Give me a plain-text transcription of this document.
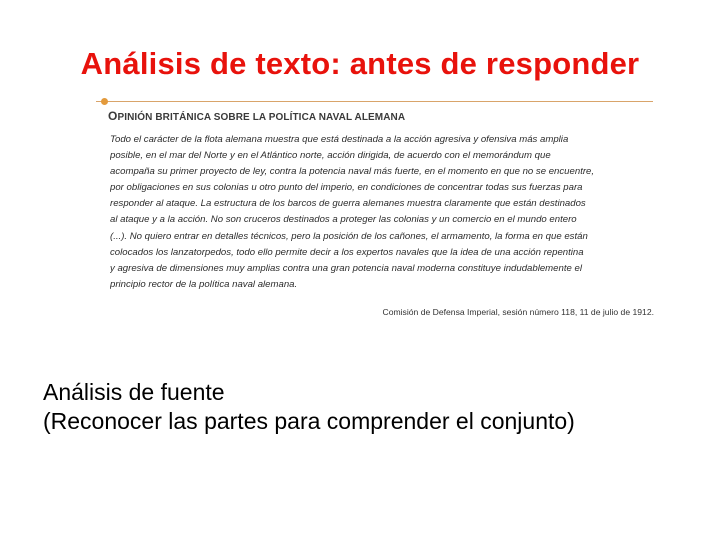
Análisis de texto: antes de responder
OPINIÓN BRITÁNICA SOBRE LA POLÍTICA NAVAL ALEMANA
Todo el carácter de la flota alemana muestra que está destinada a la acción agresiva y ofensiva más amplia
posible, en el mar del Norte y en el Atlántico norte, acción dirigida, de acuerdo con el memorándum que
acompaña su primer proyecto de ley, contra la potencia naval más fuerte, en el momento en que no se encuentre,
por obligaciones en sus colonias u otro punto del imperio, en condiciones de concentrar todas sus fuerzas para
responder al ataque. La estructura de los barcos de guerra alemanes muestra claramente que están destinados
al ataque y a la acción. No son cruceros destinados a proteger las colonias y un comercio en el mundo entero
(...). No quiero entrar en detalles técnicos, pero la posición de los cañones, el armamento, la forma en que están
colocados los lanzatorpedos, todo ello permite decir a los expertos navales que la idea de una acción repentina
y agresiva de dimensiones muy amplias contra una gran potencia naval moderna constituye indudablemente el
principio rector de la política naval alemana.
Comisión de Defensa Imperial, sesión número 118, 11 de julio de 1912.
Análisis de fuente
(Reconocer las partes para comprender el conjunto)
